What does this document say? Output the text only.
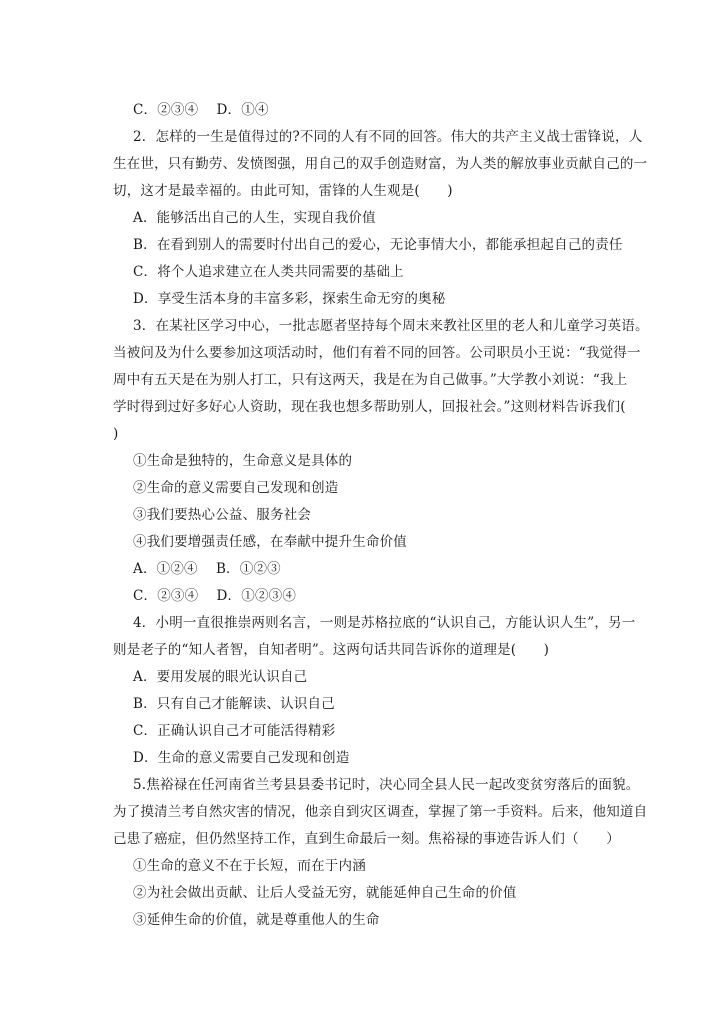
C．②③④　 D．①④
2．怎样的一生是值得过的?不同的人有不同的回答。伟大的共产主义战士雷锋说，人
生在世，只有勤劳、发愤图强，用自己的双手创造财富，为人类的解放事业贡献自己的一
切，这才是最幸福的。由此可知，雷锋的人生观是(　　)
A．能够活出自己的人生，实现自我价值
B．在看到别人的需要时付出自己的爱心，无论事情大小，都能承担起自己的责任
C．将个人追求建立在人类共同需要的基础上
D．享受生活本身的丰富多彩，探索生命无穷的奥秘
3．在某社区学习中心，一批志愿者坚持每个周末来教社区里的老人和儿童学习英语。
当被问及为什么要参加这项活动时，他们有着不同的回答。公司职员小王说：“我觉得一
周中有五天是在为别人打工，只有这两天，我是在为自己做事。”大学教小刘说：“我上
学时得到过好多好心人资助，现在我也想多帮助别人，回报社会。”这则材料告诉我们(
)
①生命是独特的，生命意义是具体的
②生命的意义需要自己发现和创造
③我们要热心公益、服务社会
④我们要增强责任感，在奉献中提升生命价值
A．①②④　 B．①②③
C．②③④　 D．①②③④
4．小明一直很推崇两则名言，一则是苏格拉底的“认识自己，方能认识人生”，另一
则是老子的“知人者智，自知者明”。这两句话共同告诉你的道理是(　　)
A．要用发展的眼光认识自己
B．只有自己才能解读、认识自己
C．正确认识自己才可能活得精彩
D．生命的意义需要自己发现和创造
5.焦裕禄在任河南省兰考县县委书记时，决心同全县人民一起改变贫穷落后的面貌。
为了摸清兰考自然灾害的情况，他亲自到灾区调查，掌握了第一手资料。后来，他知道自
己患了癌症，但仍然坚持工作，直到生命最后一刻。焦裕禄的事迹告诉人们（　　）
①生命的意义不在于长短，而在于内涵
②为社会做出贡献、让后人受益无穷，就能延伸自己生命的价值
③延伸生命的价值，就是尊重他人的生命
